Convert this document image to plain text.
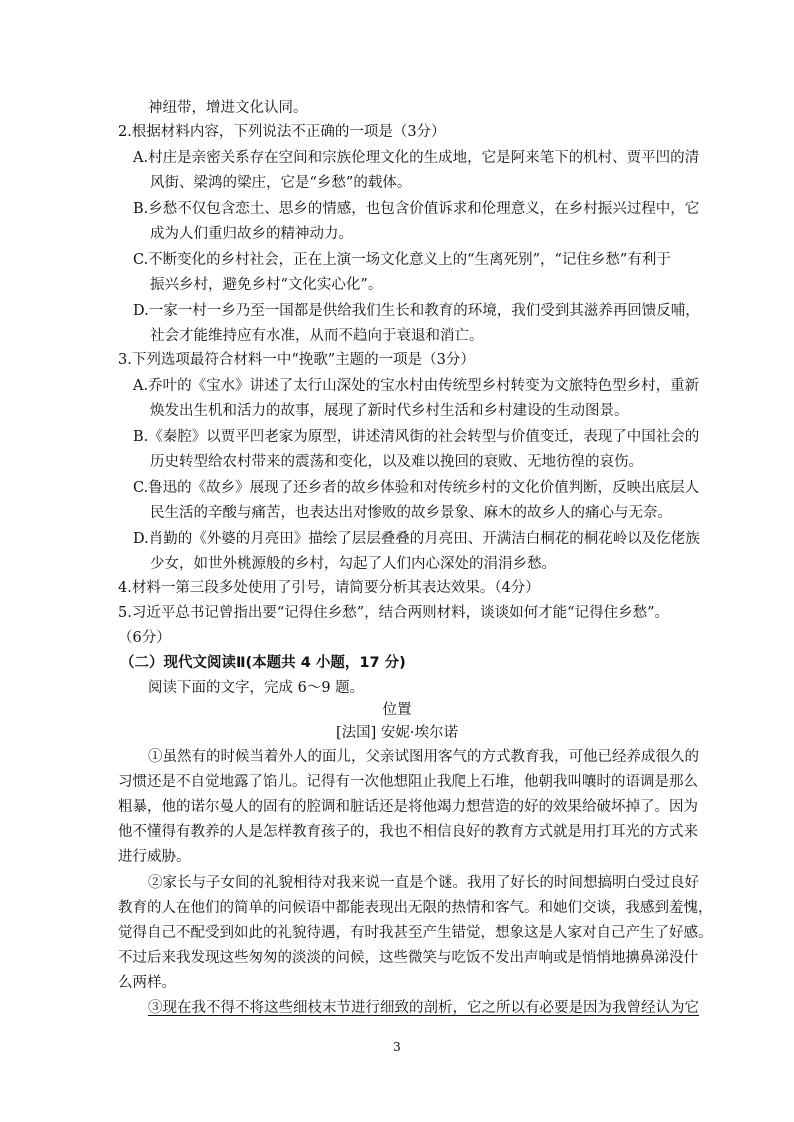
神纽带，增进文化认同。
2.根据材料内容，下列说法不正确的一项是（3分）
A.村庄是亲密关系存在空间和宗族伦理文化的生成地，它是阿来笔下的机村、贾平凹的清
风街、梁鸿的梁庄，它是“乡愁”的载体。
B.乡愁不仅包含恋土、思乡的情感，也包含价值诉求和伦理意义，在乡村振兴过程中，它
成为人们重归故乡的精神动力。
C.不断变化的乡村社会，正在上演一场文化意义上的“生离死别”，“记住乡愁”有利于
振兴乡村，避免乡村“文化实心化”。
D.一家一村一乡乃至一国都是供给我们生长和教育的环境，我们受到其滋养再回馈反哺，
社会才能维持应有水准，从而不趋向于衰退和消亡。
3.下列选项最符合材料一中“挽歌”主题的一项是（3分）
A.乔叶的《宝水》讲述了太行山深处的宝水村由传统型乡村转变为文旅特色型乡村，重新
焕发出生机和活力的故事，展现了新时代乡村生活和乡村建设的生动图景。
B.《秦腔》以贾平凹老家为原型，讲述清风街的社会转型与价值变迁，表现了中国社会的
历史转型给农村带来的震荡和变化，以及难以挽回的衰败、无地彷徨的哀伤。
C.鲁迅的《故乡》展现了还乡者的故乡体验和对传统乡村的文化价值判断，反映出底层人
民生活的辛酸与痛苦，也表达出对惨败的故乡景象、麻木的故乡人的痛心与无奈。
D.肖勤的《外婆的月亮田》描绘了层层叠叠的月亮田、开满洁白桐花的桐花岭以及仡佬族
少女，如世外桃源般的乡村，勾起了人们内心深处的涓涓乡愁。
4.材料一第三段多处使用了引号，请简要分析其表达效果。（4分）
5.习近平总书记曾指出要“记得住乡愁”，结合两则材料，谈谈如何才能“记得住乡愁”。
（6分）
（二）现代文阅读Ⅱ(本题共 4 小题，17 分)
阅读下面的文字，完成 6～9 题。
位置
[法国] 安妮·埃尔诺
①虽然有的时候当着外人的面儿，父亲试图用客气的方式教育我，可他已经养成很久的
习惯还是不自觉地露了馅儿。记得有一次他想阻止我爬上石堆，他朝我叫嚷时的语调是那么
粗暴，他的诺尔曼人的固有的腔调和脏话还是将他竭力想营造的好的效果给破坏掉了。因为
他不懂得有教养的人是怎样教育孩子的，我也不相信良好的教育方式就是用打耳光的方式来
进行威胁。
②家长与子女间的礼貌相待对我来说一直是个谜。我用了好长的时间想搞明白受过良好
教育的人在他们的简单的问候语中都能表现出无限的热情和客气。和她们交谈，我感到羞愧，
觉得自己不配受到如此的礼貌待遇，有时我甚至产生错觉，想象这是人家对自己产生了好感。
不过后来我发现这些匆匆的淡淡的问候，这些微笑与吃饭不发出声响或是悄悄地擤鼻涕没什
么两样。
③现在我不得不将这些细枝末节进行细致的剖析，它之所以有必要是因为我曾经认为它
3
